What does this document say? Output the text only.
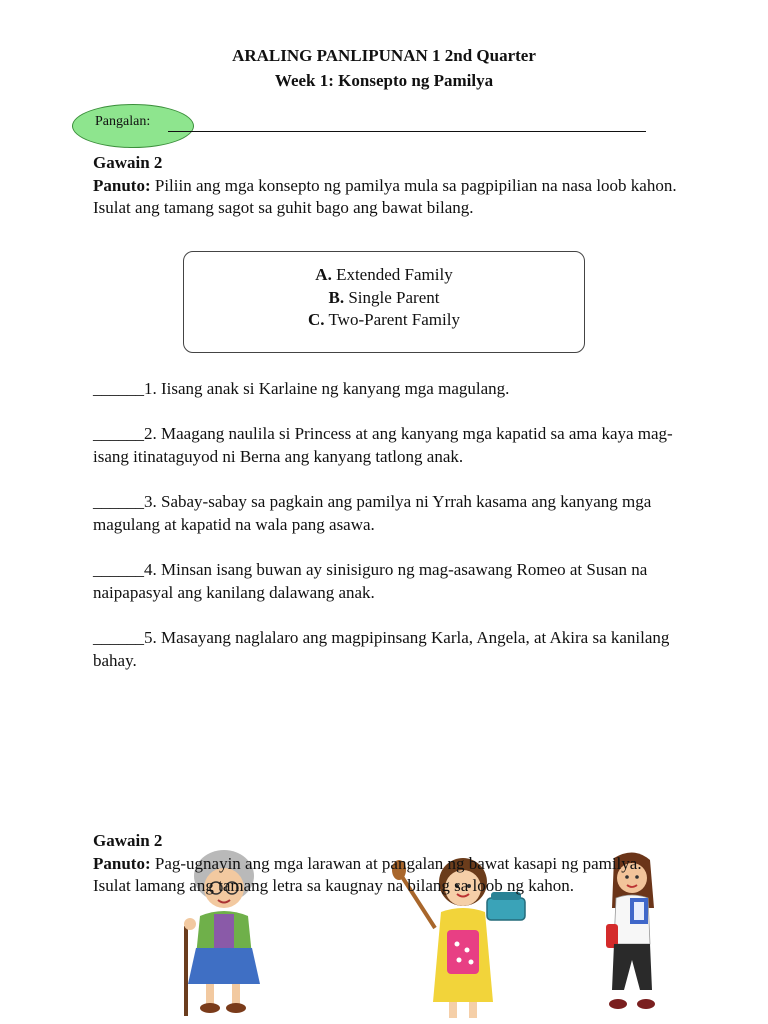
ARALING PANLIPUNAN 1 2nd Quarter
Week 1: Konsepto ng Pamilya
Pangalan:
Gawain 2
Panuto: Piliin ang mga konsepto ng pamilya mula sa pagpipilian na nasa loob kahon. Isulat ang tamang sagot sa guhit bago ang bawat bilang.
A. Extended Family
B. Single Parent
C. Two-Parent Family
______1. Iisang anak si Karlaine ng kanyang mga magulang.
______2. Maagang naulila si Princess at ang kanyang mga kapatid sa ama kaya mag-isang itinataguyod ni Berna ang kanyang tatlong anak.
______3. Sabay-sabay sa pagkain ang pamilya ni Yrrah kasama ang kanyang mga magulang at kapatid na wala pang asawa.
______4. Minsan isang buwan ay sinisiguro ng mag-asawang Romeo at Susan na naipapasyal ang kanilang dalawang anak.
______5. Masayang naglalaro ang magpipinsang Karla, Angela, at Akira sa kanilang bahay.
Gawain 2
Panuto: Pag-ugnayin ang mga larawan at pangalan ng bawat kasapi ng pamilya. Isulat lamang ang tamang letra sa kaugnay na bilang sa loob ng kahon.
